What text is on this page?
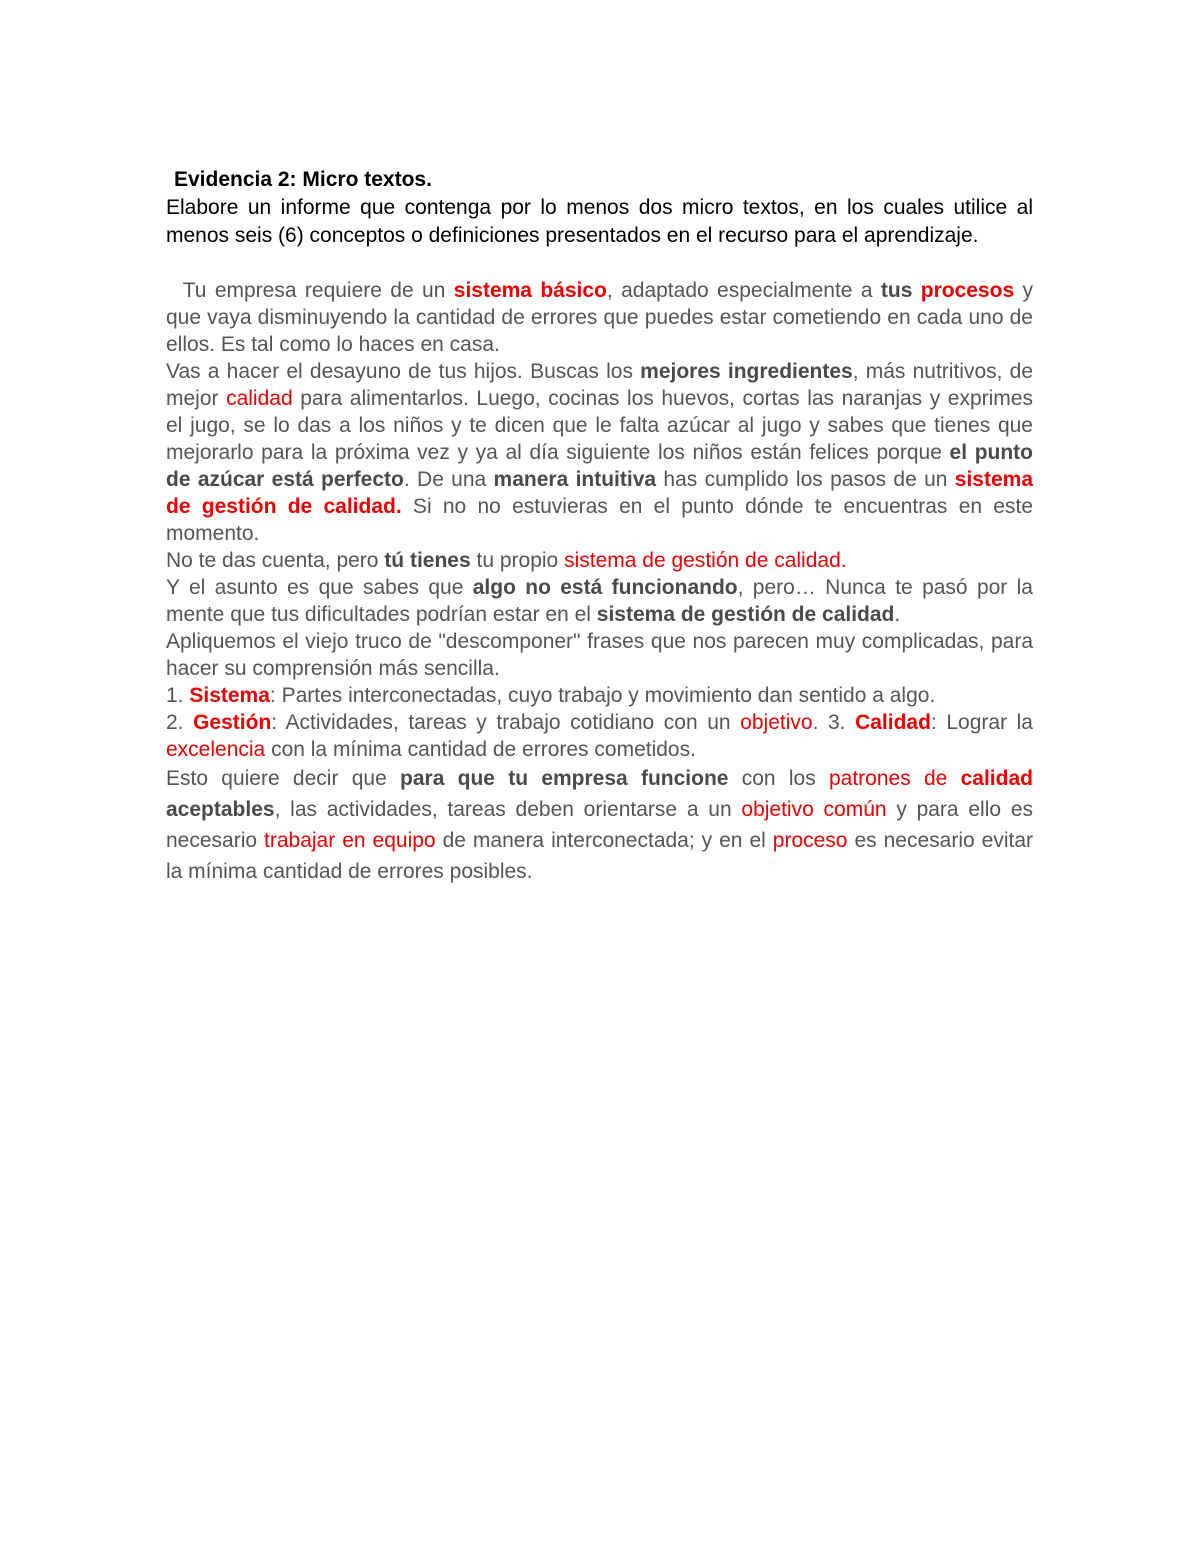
Evidencia 2: Micro textos.

Elabore un informe que contenga por lo menos dos micro textos, en los cuales utilice al menos seis (6) conceptos o definiciones presentados en el recurso para el aprendizaje.

Tu empresa requiere de un sistema básico, adaptado especialmente a tus procesos y que vaya disminuyendo la cantidad de errores que puedes estar cometiendo en cada uno de ellos. Es tal como lo haces en casa.

Vas a hacer el desayuno de tus hijos. Buscas los mejores ingredientes, más nutritivos, de mejor calidad para alimentarlos. Luego, cocinas los huevos, cortas las naranjas y exprimes el jugo, se lo das a los niños y te dicen que le falta azúcar al jugo y sabes que tienes que mejorarlo para la próxima vez y ya al día siguiente los niños están felices porque el punto de azúcar está perfecto. De una manera intuitiva has cumplido los pasos de un sistema de gestión de calidad. Si no no estuvieras en el punto dónde te encuentras en este momento.

No te das cuenta, pero tú tienes tu propio sistema de gestión de calidad.

Y el asunto es que sabes que algo no está funcionando, pero… Nunca te pasó por la mente que tus dificultades podrían estar en el sistema de gestión de calidad.

Apliquemos el viejo truco de "descomponer" frases que nos parecen muy complicadas, para hacer su comprensión más sencilla.

1. Sistema: Partes interconectadas, cuyo trabajo y movimiento dan sentido a algo.

2. Gestión: Actividades, tareas y trabajo cotidiano con un objetivo. 3. Calidad: Lograr la excelencia con la mínima cantidad de errores cometidos.

Esto quiere decir que para que tu empresa funcione con los patrones de calidad aceptables, las actividades, tareas deben orientarse a un objetivo común y para ello es necesario trabajar en equipo de manera interconectada; y en el proceso es necesario evitar la mínima cantidad de errores posibles.
